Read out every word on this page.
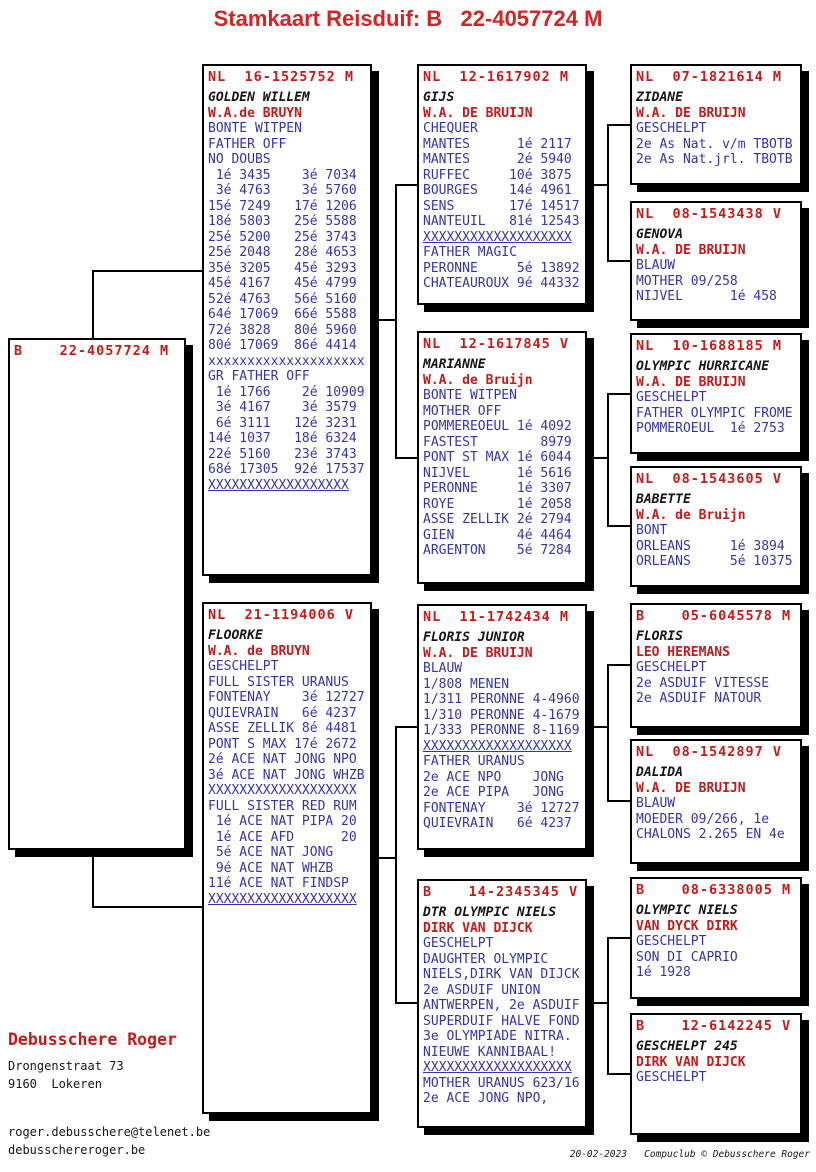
Stamkaart Reisduif: B   22-4057724 M
B    22-4057724 M
NL  16-1525752 M
GOLDEN WILLEM
W.A.de BRUYN
BONTE WITPEN
FATHER OFF
NO DOUBS
1é 3435    3é 7034
3é 4763    3é 5760
15é 7249   17é 1206
18é 5803   25é 5588
25é 5200   25é 3743
25é 2048   28é 4653
35é 3205   45é 3293
45é 4167   45é 4799
52é 4763   56é 5160
64é 17069  66é 5588
72é 3828   80é 5960
80é 17069  86é 4414
xxxxxxxxxxxxxxxxxxxx
GR FATHER OFF
1é 1766    2é 10909
3é 4167    3é 3579
6é 3111   12é 3231
14é 1037   18é 6324
22é 5160   23é 3743
68é 17305  92é 17537
XXXXXXXXXXXXXXXXXX
NL  21-1194006 V
FLOORKE
W.A. de BRUYN
GESCHELPT
FULL SISTER URANUS
FONTENAY    3é 12727
QUIEVRAIN   6é 4237
ASSE ZELLIK 8é 4481
PONT S MAX 17é 2672
2é ACE NAT JONG NPO
3é ACE NAT JONG WHZB
XXXXXXXXXXXXXXXXXXX
FULL SISTER RED RUM
1é ACE NAT PIPA 20
1é ACE AFD      20
5é ACE NAT JONG
9é ACE NAT WHZB
11é ACE NAT FINDSP
XXXXXXXXXXXXXXXXXXX
NL  12-1617902 M
GIJS
W.A. DE BRUIJN
CHEQUER
MANTES      1é 2117
MANTES      2é 5940
RUFFEC     10é 3875
BOURGES    14é 4961
SENS       17é 14517
NANTEUIL   81é 12543
XXXXXXXXXXXXXXXXXXX
FATHER MAGIC
PERONNE     5é 13892
CHATEAUROUX 9é 44332
NL  12-1617845 V
MARIANNE
W.A. de Bruijn
BONTE WITPEN
MOTHER OFF
POMMEREOEUL 1é 4092
FASTEST        8979
PONT ST MAX 1é 6044
NIJVEL      1é 5616
PERONNE     1é 3307
ROYE        1é 2058
ASSE ZELLIK 2é 2794
GIEN        4é 4464
ARGENTON    5é 7284
NL  11-1742434 M
FLORIS JUNIOR
W.A. DE BRUIJN
BLAUW
1/808 MENEN
1/311 PERONNE 4-4960
1/310 PERONNE 4-1679
1/333 PERONNE 8-1169
XXXXXXXXXXXXXXXXXXX
FATHER URANUS
2e ACE NPO    JONG
2e ACE PIPA   JONG
FONTENAY    3é 12727
QUIEVRAIN   6é 4237
B    14-2345345 V
DTR OLYMPIC NIELS
DIRK VAN DIJCK
GESCHELPT
DAUGHTER OLYMPIC
NIELS,DIRK VAN DIJCK
2e ASDUIF UNION
ANTWERPEN, 2e ASDUIF
SUPERDUIF HALVE FOND
3e OLYMPIADE NITRA.
NIEUWE KANNIBAAL!
XXXXXXXXXXXXXXXXXXX
MOTHER URANUS 623/16
2e ACE JONG NPO,
NL  07-1821614 M
ZIDANE
W.A. DE BRUIJN
GESCHELPT
2e As Nat. v/m TBOTB
2e As Nat.jrl. TBOTB
NL  08-1543438 V
GENOVA
W.A. DE BRUIJN
BLAUW
MOTHER 09/258
NIJVEL      1é 458
NL  10-1688185 M
OLYMPIC HURRICANE
W.A. DE BRUIJN
GESCHELPT
FATHER OLYMPIC FROME
POMMEROEUL  1é 2753
NL  08-1543605 V
BABETTE
W.A. de Bruijn
BONT
ORLEANS     1é 3894
ORLEANS     5é 10375
B    05-6045578 M
FLORIS
LEO HEREMANS
GESCHELPT
2e ASDUIF VITESSE
2e ASDUIF NATOUR
NL  08-1542897 V
DALIDA
W.A. DE BRUIJN
BLAUW
MOEDER 09/266, 1e
CHALONS 2.265 EN 4e
B    08-6338005 M
OLYMPIC NIELS
VAN DYCK DIRK
GESCHELPT
SON DI CAPRIO
1é 1928
B    12-6142245 V
GESCHELPT 245
DIRK VAN DIJCK
GESCHELPT
Debusschere Roger
Drongenstraat 73
9160  Lokeren
roger.debusschere@telenet.be
debusschereroger.be	20-02-2023 Compuclub © Debusschere Roger
